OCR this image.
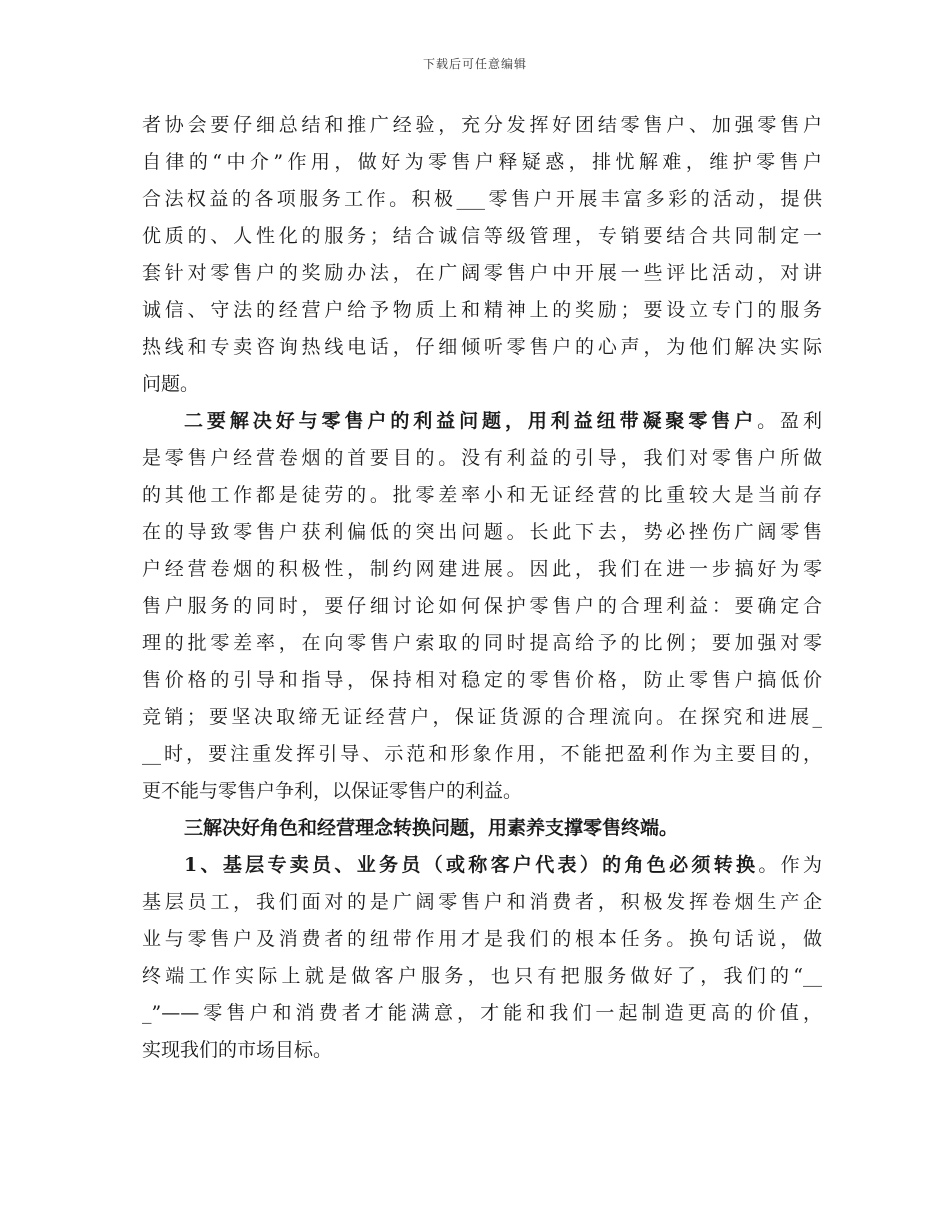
下载后可任意编辑
者协会要仔细总结和推广经验，充分发挥好团结零售户、加强零售户
自律的“中介”作用，做好为零售户释疑惑，排忧解难，维护零售户
合法权益的各项服务工作。积极___零售户开展丰富多彩的活动，提供
优质的、人性化的服务；结合诚信等级管理，专销要结合共同制定一
套针对零售户的奖励办法，在广阔零售户中开展一些评比活动，对讲
诚信、守法的经营户给予物质上和精神上的奖励；要设立专门的服务
热线和专卖咨询热线电话，仔细倾听零售户的心声，为他们解决实际
问题。
二要解决好与零售户的利益问题，用利益纽带凝聚零售户。盈利
是零售户经营卷烟的首要目的。没有利益的引导，我们对零售户所做
的其他工作都是徒劳的。批零差率小和无证经营的比重较大是当前存
在的导致零售户获利偏低的突出问题。长此下去，势必挫伤广阔零售
户经营卷烟的积极性，制约网建进展。因此，我们在进一步搞好为零
售户服务的同时，要仔细讨论如何保护零售户的合理利益：要确定合
理的批零差率，在向零售户索取的同时提高给予的比例；要加强对零
售价格的引导和指导，保持相对稳定的零售价格，防止零售户搞低价
竞销；要坚决取缔无证经营户，保证货源的合理流向。在探究和进展_
__时，要注重发挥引导、示范和形象作用，不能把盈利作为主要目的，
更不能与零售户争利，以保证零售户的利益。
三解决好角色和经营理念转换问题，用素养支撑零售终端。
1、基层专卖员、业务员（或称客户代表）的角色必须转换。作为
基层员工，我们面对的是广阔零售户和消费者，积极发挥卷烟生产企
业与零售户及消费者的纽带作用才是我们的根本任务。换句话说，做
终端工作实际上就是做客户服务，也只有把服务做好了，我们的“__
_”——零售户和消费者才能满意，才能和我们一起制造更高的价值，
实现我们的市场目标。
